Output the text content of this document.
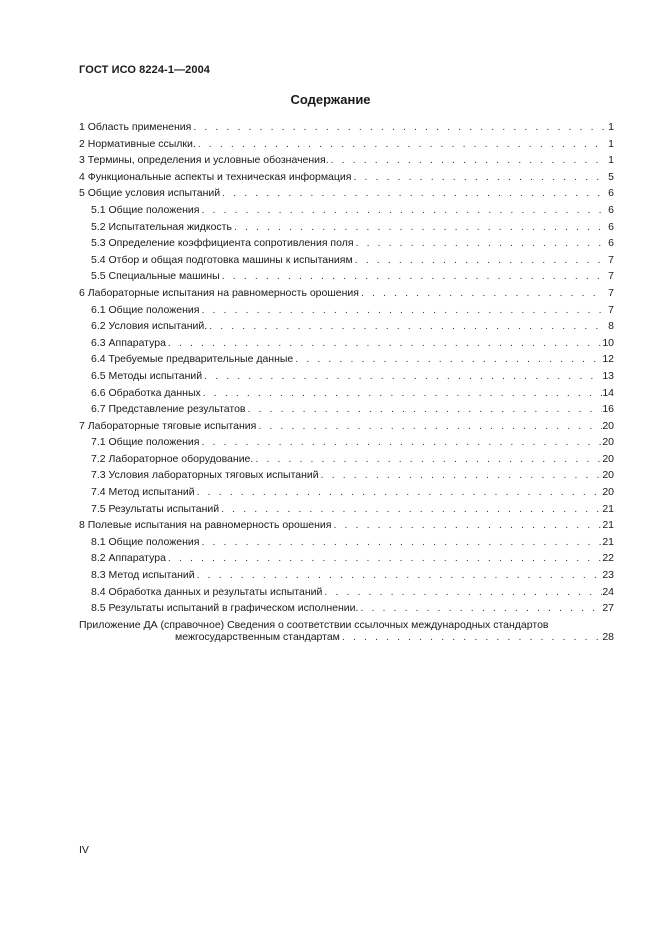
ГОСТ ИСО 8224-1—2004
Содержание
1 Область применения . . .	1
2 Нормативные ссылки. . . .	1
3 Термины, определения и условные обозначения. . . .	1
4 Функциональные аспекты и техническая информация . . .	5
5 Общие условия испытаний . . .	6
5.1 Общие положения . . .	6
5.2 Испытательная жидкость . . .	6
5.3 Определение коэффициента сопротивления поля . . .	6
5.4 Отбор и общая подготовка машины к испытаниям . . .	7
5.5 Специальные машины . . .	7
6 Лабораторные испытания на равномерность орошения . . .	7
6.1 Общие положения . . .	7
6.2 Условия испытаний. . . .	8
6.3 Аппаратура . . .	10
6.4 Требуемые предварительные данные . . .	12
6.5 Методы испытаний . . .	13
6.6 Обработка данных . . .	14
6.7 Представление результатов . . .	16
7 Лабораторные тяговые испытания . . .	20
7.1 Общие положения . . .	20
7.2 Лабораторное оборудование. . . .	20
7.3 Условия лабораторных тяговых испытаний . . .	20
7.4 Метод испытаний . . .	20
7.5 Результаты испытаний . . .	21
8 Полевые испытания на равномерность орошения . . .	21
8.1 Общие положения . . .	21
8.2 Аппаратура . . .	22
8.3 Метод испытаний . . .	23
8.4 Обработка данных и результаты испытаний . . .	24
8.5 Результаты испытаний в графическом исполнении. . . .	27
Приложение ДА (справочное) Сведения о соответствии ссылочных международных стандартов
межгосударственным стандартам . . .	28
IV
